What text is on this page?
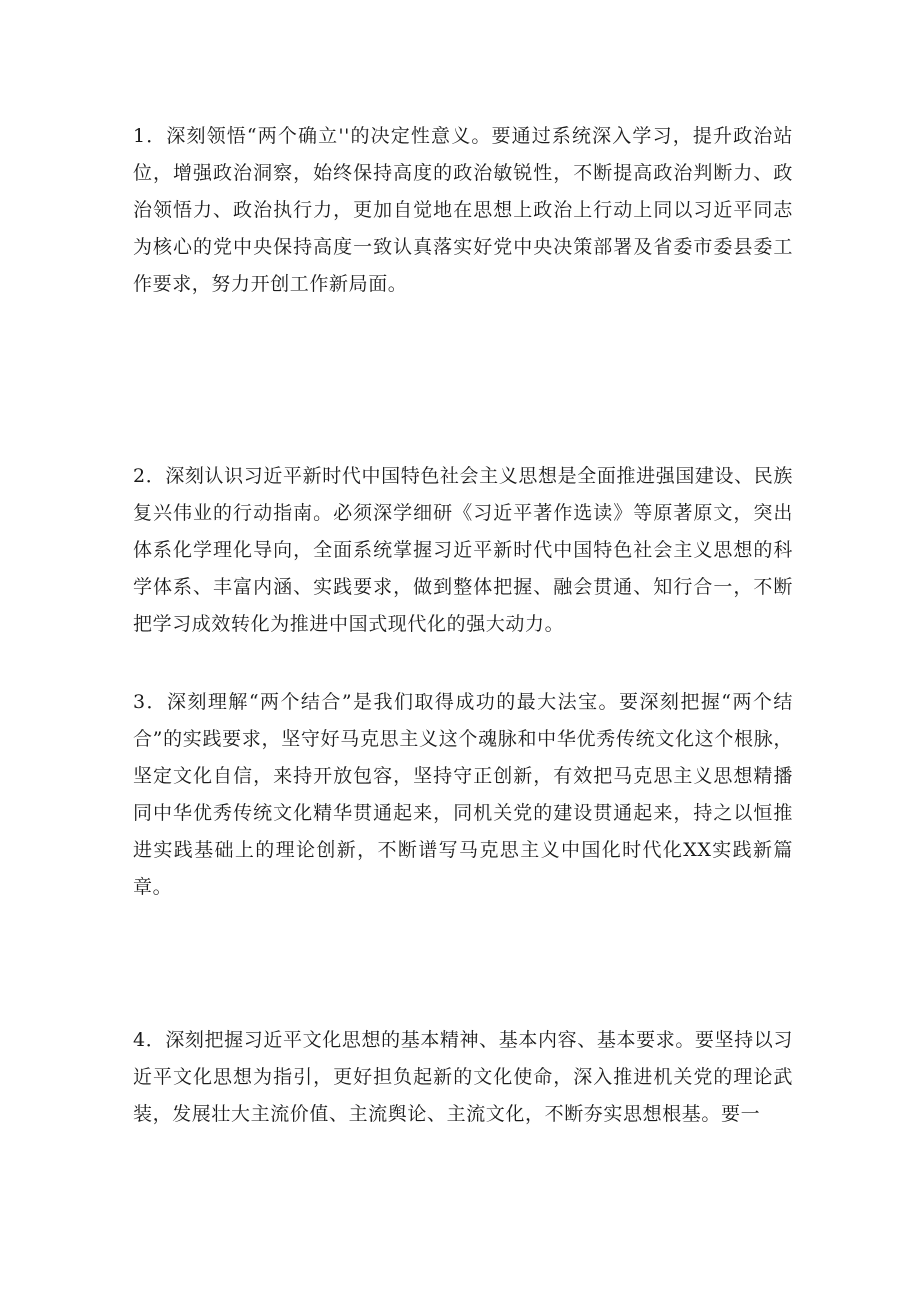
1．深刻领悟“两个确立''的决定性意义。要通过系统深入学习，提升政治站位，增强政治洞察，始终保持高度的政治敏锐性，不断提高政治判断力、政治领悟力、政治执行力，更加自觉地在思想上政治上行动上同以习近平同志为核心的党中央保持高度一致认真落实好党中央决策部署及省委市委县委工作要求，努力开创工作新局面。

2．深刻认识习近平新时代中国特色社会主义思想是全面推进强国建设、民族复兴伟业的行动指南。必须深学细研《习近平著作选读》等原著原文，突出体系化学理化导向，全面系统掌握习近平新时代中国特色社会主义思想的科学体系、丰富内涵、实践要求，做到整体把握、融会贯通、知行合一，不断把学习成效转化为推进中国式现代化的强大动力。

3．深刻理解“两个结合”是我们取得成功的最大法宝。要深刻把握“两个结合”的实践要求，坚守好马克思主义这个魂脉和中华优秀传统文化这个根脉，坚定文化自信，来持开放包容，坚持守正创新，有效把马克思主义思想精播同中华优秀传统文化精华贯通起来，同机关党的建设贯通起来，持之以恒推进实践基础上的理论创新，不断谱写马克思主义中国化时代化XX实践新篇章。

4．深刻把握习近平文化思想的基本精神、基本内容、基本要求。要坚持以习近平文化思想为指引，更好担负起新的文化使命，深入推进机关党的理论武装，发展壮大主流价值、主流舆论、主流文化，不断夯实思想根基。要一
